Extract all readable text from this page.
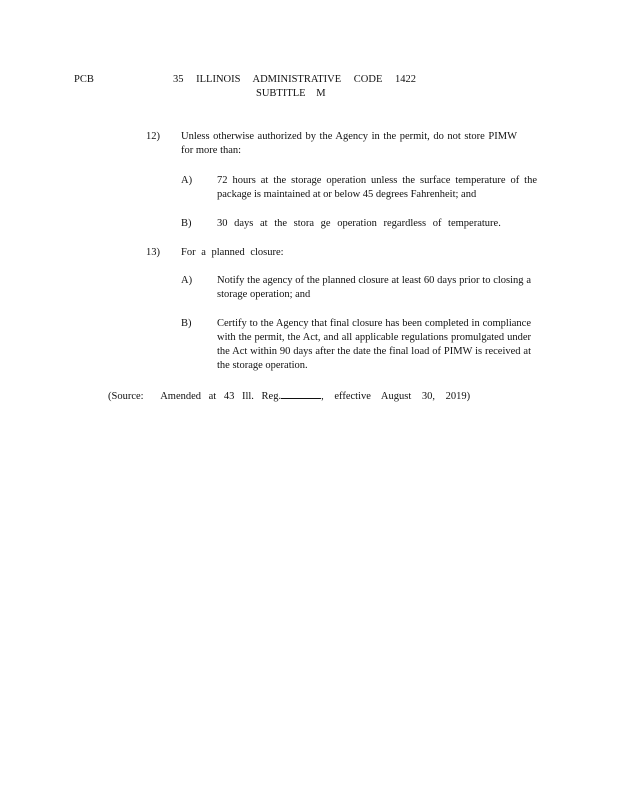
PCB	35 ILLINOIS ADMINISTRATIVE CODE 1422
SUBTITLE M
12) Unless otherwise authorized by the Agency in the permit, do not store PIMW for more than:
A) 72 hours at the storage operation unless the surface temperature of the package is maintained at or below 45 degrees Fahrenheit; and
B) 30 days at the stora ge operation regardless of temperature.
13) For a planned closure:
A) Notify the agency of the planned closure at least 60 days prior to closing a storage operation; and
B) Certify to the Agency that final closure has been completed in compliance with the permit, the Act, and all applicable regulations promulgated under the Act within 90 days after the date the final load of PIMW is received at the storage operation.
(Source: Amended at 43 Ill. Reg.	, effective August 30, 2019)
